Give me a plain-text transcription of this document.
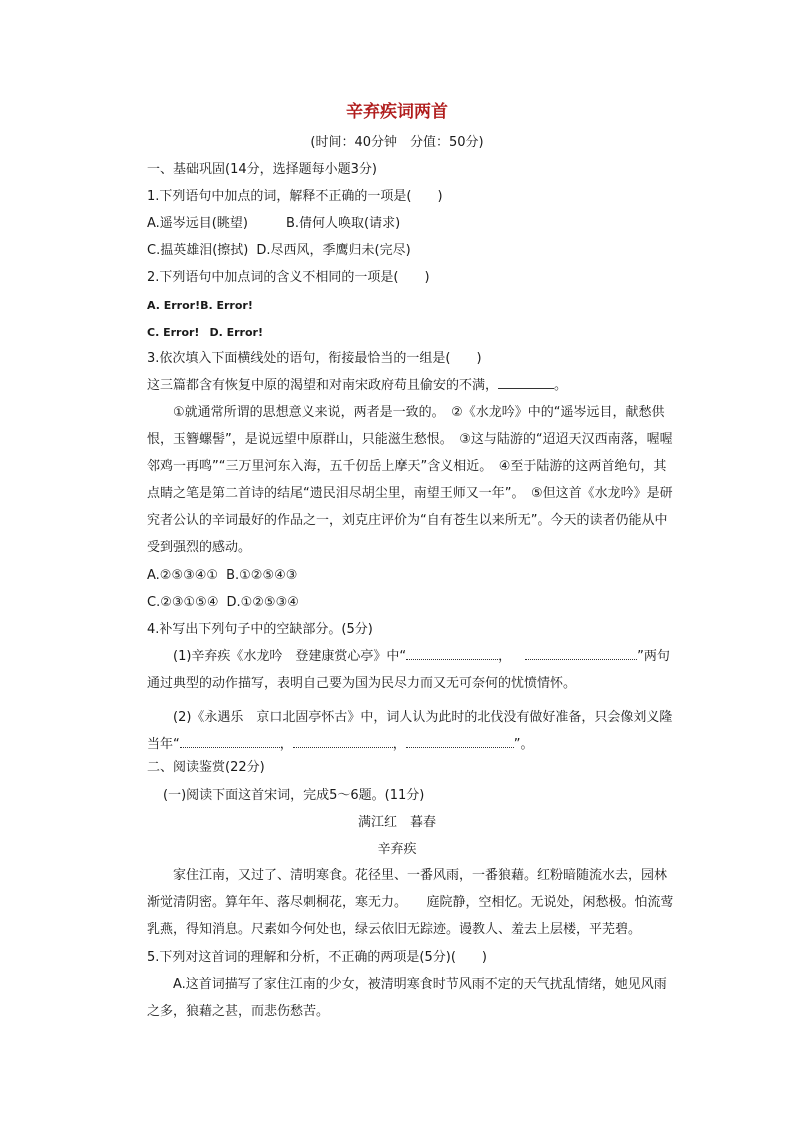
辛弃疾词两首
(时间：40分钟　分值：50分)
一、基础巩固(14分，选择题每小题3分)
1.下列语句中加点的词，解释不正确的一项是(　　)
A.遥岑远目(眺望)	B.倩何人唤取(请求)
C.揾英雄泪(擦拭) D.尽西风，季鹰归未(完尽)
2.下列语句中加点词的含义不相同的一项是(　　)
A. Error!B. Error!
C. Error! D. Error!
3.依次填入下面横线处的语句，衔接最恰当的一组是(　　)
这三篇都含有恢复中原的渴望和对南宋政府苟且偷安的不满，	。

①就通常所谓的思想意义来说，两者是一致的。　②《水龙吟》中的“遥岑远目，献愁供恨，玉簪螺髻”，是说远望中原群山，只能滋生愁恨。　③这与陆游的“迢迢天汉西南落，喔喔邻鸡一再鸣”“三万里河东入海，五千仞岳上摩天”含义相近。　④至于陆游的这两首绝句，其点睛之笔是第二首诗的结尾“遗民泪尽胡尘里，南望王师又一年”。　⑤但这首《水龙吟》是研究者公认的辛词最好的作品之一，刘克庄评价为“自有苍生以来所无”。今天的读者仍能从中受到强烈的感动。

A.②⑤③④① B.①②⑤④③
C.②③①⑤④ D.①②⑤③④
4.补写出下列句子中的空缺部分。(5分)

(1)辛弃疾《水龙吟　登建康赏心亭》中“	，	”两句通过典型的动作描写，表明自己要为国为民尽力而又无可奈何的忧愤情怀。

(2)《永遇乐　京口北固亭怀古》中，词人认为此时的北伐没有做好准备，只会像刘义隆当年“	，	，	”。

二、阅读鉴赏(22分)
(一)阅读下面这首宋词，完成5～6题。(11分)
满江红　暮春
辛弃疾

家住江南，又过了、清明寒食。花径里、一番风雨，一番狼藉。红粉暗随流水去，园林渐觉清阴密。算年年、落尽刺桐花，寒无力。　　庭院静，空相忆。无说处，闲愁极。怕流莺乳燕，得知消息。尺素如今何处也，绿云依旧无踪迹。谩教人、羞去上层楼，平芜碧。

5.下列对这首词的理解和分析，不正确的两项是(5分)(　　)

A.这首词描写了家住江南的少女，被清明寒食时节风雨不定的天气扰乱情绪，她见风雨之多，狼藉之甚，而悲伤愁苦。
